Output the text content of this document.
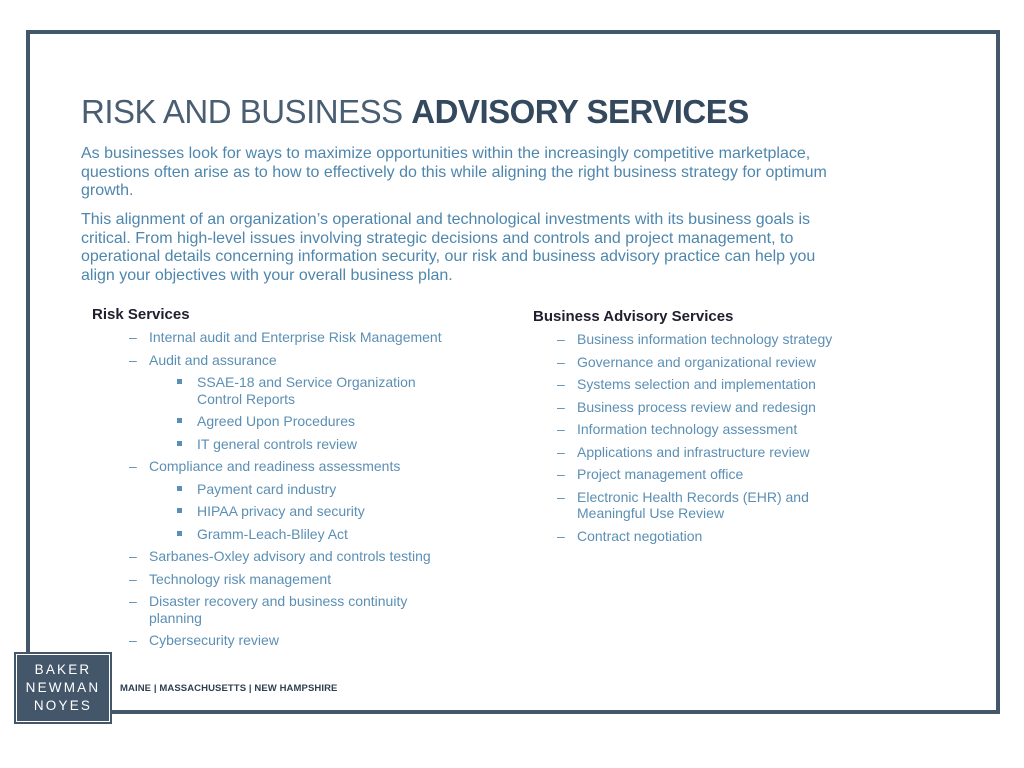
RISK AND BUSINESS ADVISORY SERVICES

As businesses look for ways to maximize opportunities within the increasingly competitive marketplace, questions often arise as to how to effectively do this while aligning the right business strategy for optimum growth.

This alignment of an organization’s operational and technological investments with its business goals is critical. From high-level issues involving strategic decisions and controls and project management, to operational details concerning information security, our risk and business advisory practice can help you align your objectives with your overall business plan.

Risk Services
– Internal audit and Enterprise Risk Management
– Audit and assurance
SSAE-18 and Service Organization Control Reports
Agreed Upon Procedures
IT general controls review
– Compliance and readiness assessments
Payment card industry
HIPAA privacy and security
Gramm-Leach-Bliley Act
– Sarbanes-Oxley advisory and controls testing
– Technology risk management
– Disaster recovery and business continuity planning
– Cybersecurity review
Business Advisory Services
– Business information technology strategy
– Governance and organizational review
– Systems selection and implementation
– Business process review and redesign
– Information technology assessment
– Applications and infrastructure review
– Project management office
– Electronic Health Records (EHR) and Meaningful Use Review
– Contract negotiation
BAKER
NEWMAN
NOYES
MAINE | MASSACHUSETTS | NEW HAMPSHIRE
